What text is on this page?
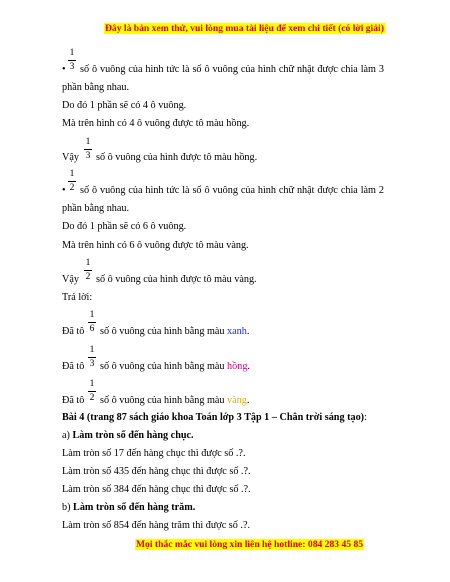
Đây là bản xem thử, vui lòng mua tài liệu để xem chi tiết (có lời giải)
1
3
• số ô vuông của hình tức là số ô vuông của hình chữ nhật được chia làm 3
phần bằng nhau.
Do đó 1 phần sẽ có 4 ô vuông.
Mà trên hình có 4 ô vuông được tô màu hồng.
Vậy
1
3 số ô vuông của hình được tô màu hồng.
1
2
• số ô vuông của hình tức là số ô vuông của hình chữ nhật được chia làm 2
phần bằng nhau.
Do đó 1 phần sẽ có 6 ô vuông.
Mà trên hình có 6 ô vuông được tô màu vàng.
Vậy
1
2 số ô vuông của hình được tô màu vàng.
Trả lời:
Đã tô
1
6 số ô vuông của hình bằng màu xanh.
Đã tô
1
3 số ô vuông của hình bằng màu hồng.
Đã tô
1
2 số ô vuông của hình bằng màu vàng.
Bài 4 (trang 87 sách giáo khoa Toán lớp 3 Tập 1 – Chân trời sáng tạo):
a) Làm tròn số đến hàng chục.
Làm tròn số 17 đến hàng chục thì được số .?.
Làm tròn số 435 đến hàng chục thì được số .?.
Làm tròn số 384 đến hàng chục thì được số .?.
b) Làm tròn số đến hàng trăm.
Làm tròn số 854 đến hàng trăm thì được số .?.
Mọi thắc mắc vui lòng xin liên hệ hotline: 084 283 45 85
